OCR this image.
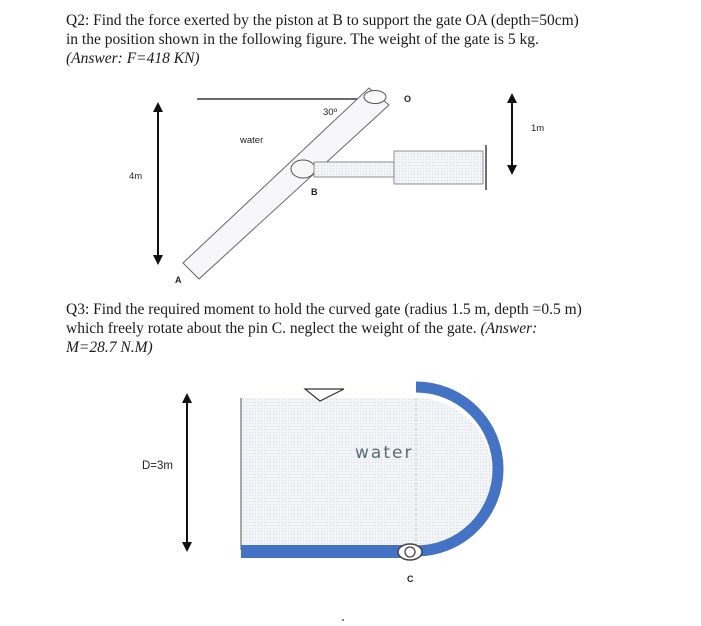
Q2: Find the force exerted by the piston at B to support the gate OA (depth=50cm)
in the position shown in the following figure. The weight of the gate is 5 kg.
(Answer: F=418 KN)
Q3: Find the required moment to hold the curved gate (radius 1.5 m, depth =0.5 m)
which freely rotate about the pin C. neglect the weight of the gate. (Answer:
M=28.7 N.M)
30º
O
1m
water
4m
B
A
D=3m
water
C
